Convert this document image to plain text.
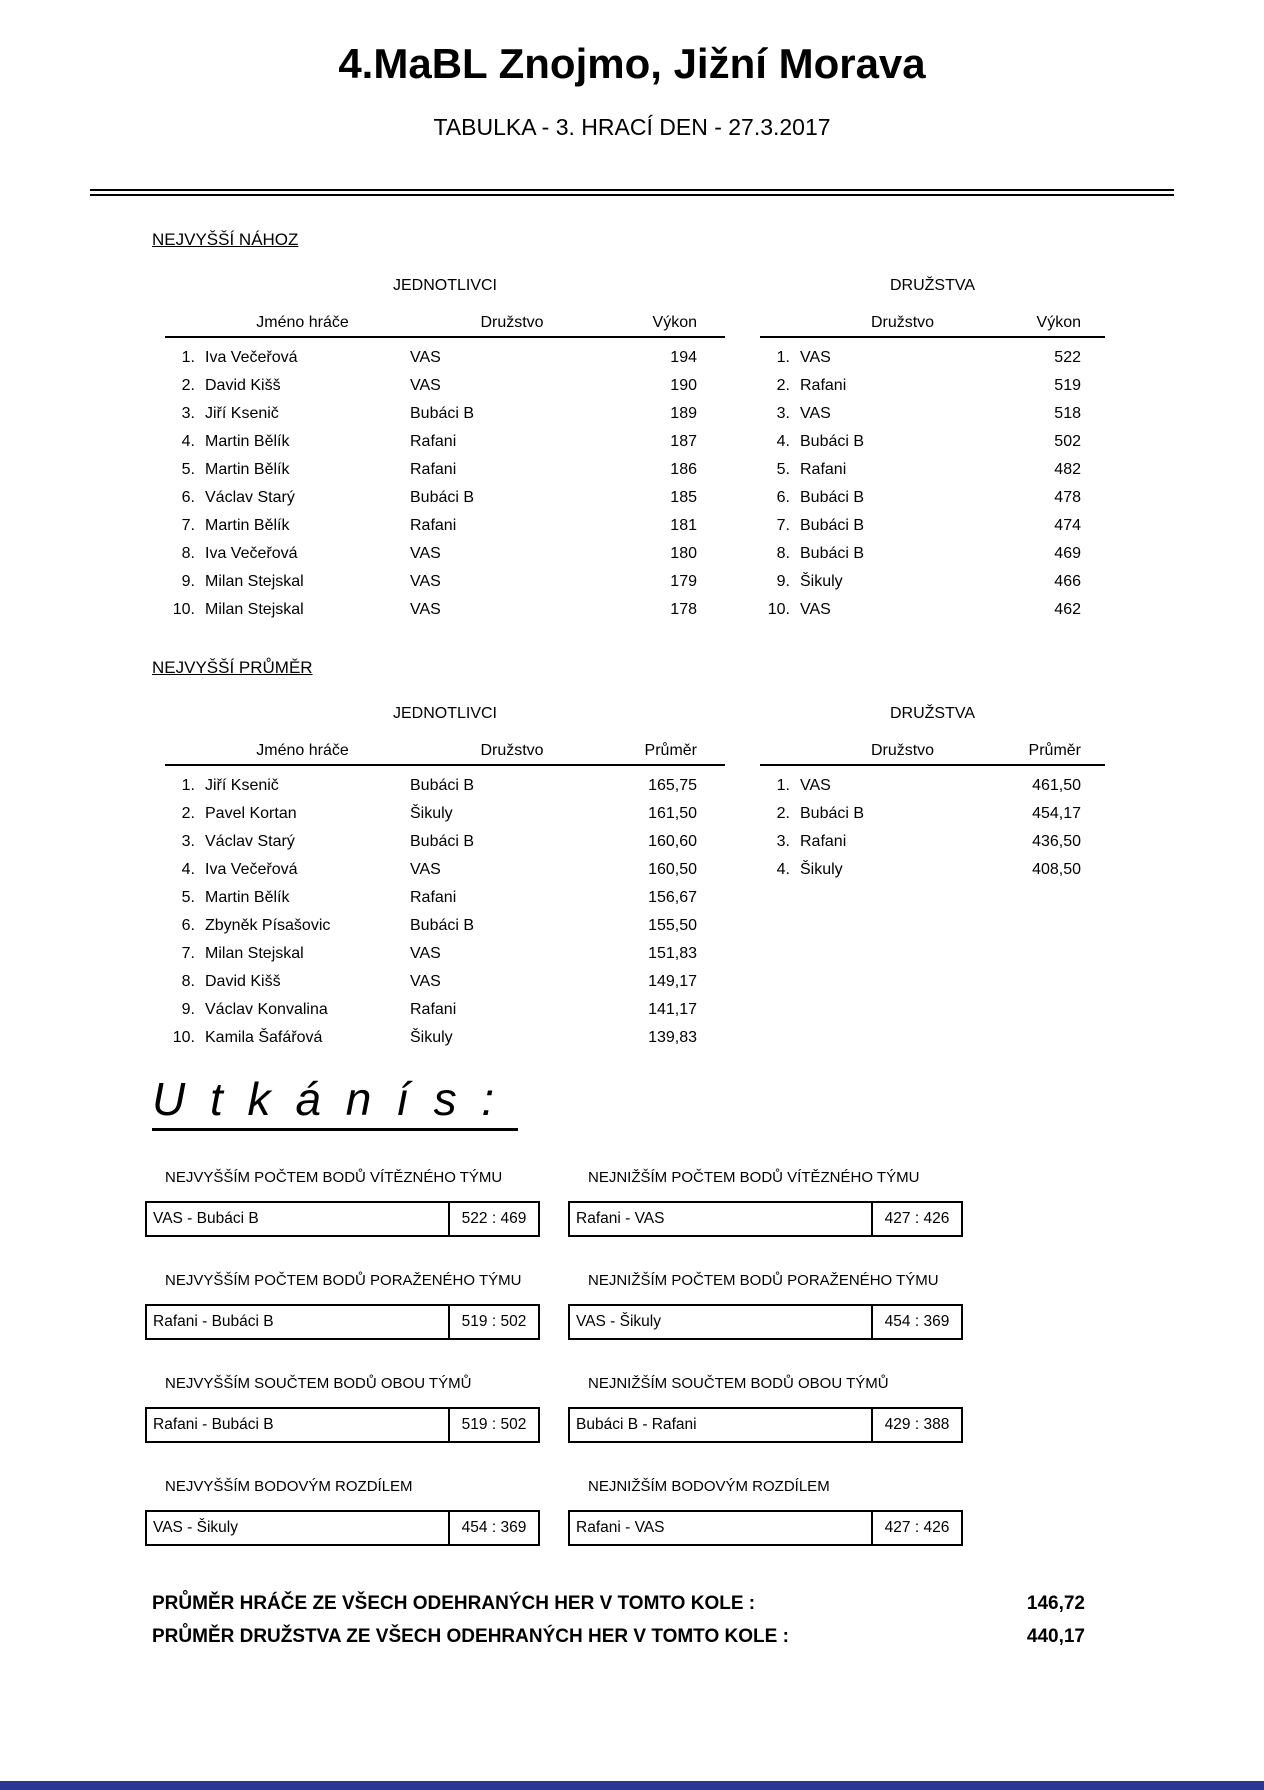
4.MaBL Znojmo, Jižní Morava
TABULKA - 3. HRACÍ DEN - 27.3.2017
NEJVYŠŠÍ NÁHOZ
JEDNOTLIVCI
Jméno hráče	Družstvo	Výkon
1. Iva Večeřová	VAS	194
2. David Kišš	VAS	190
3. Jiří Ksenič	Bubáci B	189
4. Martin Bělík	Rafani	187
5. Martin Bělík	Rafani	186
6. Václav Starý	Bubáci B	185
7. Martin Bělík	Rafani	181
8. Iva Večeřová	VAS	180
9. Milan Stejskal	VAS	179
10. Milan Stejskal	VAS	178
DRUŽSTVA
Družstvo	Výkon
1. VAS	522
2. Rafani	519
3. VAS	518
4. Bubáci B	502
5. Rafani	482
6. Bubáci B	478
7. Bubáci B	474
8. Bubáci B	469
9. Šikuly	466
10. VAS	462
NEJVYŠŠÍ PRŮMĚR
JEDNOTLIVCI
Jméno hráče	Družstvo	Průměr
1. Jiří Ksenič	Bubáci B	165,75
2. Pavel Kortan	Šikuly	161,50
3. Václav Starý	Bubáci B	160,60
4. Iva Večeřová	VAS	160,50
5. Martin Bělík	Rafani	156,67
6. Zbyněk Písašovic	Bubáci B	155,50
7. Milan Stejskal	VAS	151,83
8. David Kišš	VAS	149,17
9. Václav Konvalina	Rafani	141,17
10. Kamila Šafářová	Šikuly	139,83
DRUŽSTVA
Družstvo	Průměr
1. VAS	461,50
2. Bubáci B	454,17
3. Rafani	436,50
4. Šikuly	408,50
U t k á n í s :
NEJVYŠŠÍM POČTEM BODŮ VÍTĚZNÉHO TÝMU
VAS - Bubáci B	522 : 469
NEJNIŽŠÍM POČTEM BODŮ VÍTĚZNÉHO TÝMU
Rafani - VAS	427 : 426
NEJVYŠŠÍM POČTEM BODŮ PORAŽENÉHO TÝMU
Rafani - Bubáci B	519 : 502
NEJNIŽŠÍM POČTEM BODŮ PORAŽENÉHO TÝMU
VAS - Šikuly	454 : 369
NEJVYŠŠÍM SOUČTEM BODŮ OBOU TÝMŮ
Rafani - Bubáci B	519 : 502
NEJNIŽŠÍM SOUČTEM BODŮ OBOU TÝMŮ
Bubáci B - Rafani	429 : 388
NEJVYŠŠÍM BODOVÝM ROZDÍLEM
VAS - Šikuly	454 : 369
NEJNIŽŠÍM BODOVÝM ROZDÍLEM
Rafani - VAS	427 : 426
PRŮMĚR HRÁČE ZE VŠECH ODEHRANÝCH HER V TOMTO KOLE :	146,72
PRŮMĚR DRUŽSTVA ZE VŠECH ODEHRANÝCH HER V TOMTO KOLE :	440,17
